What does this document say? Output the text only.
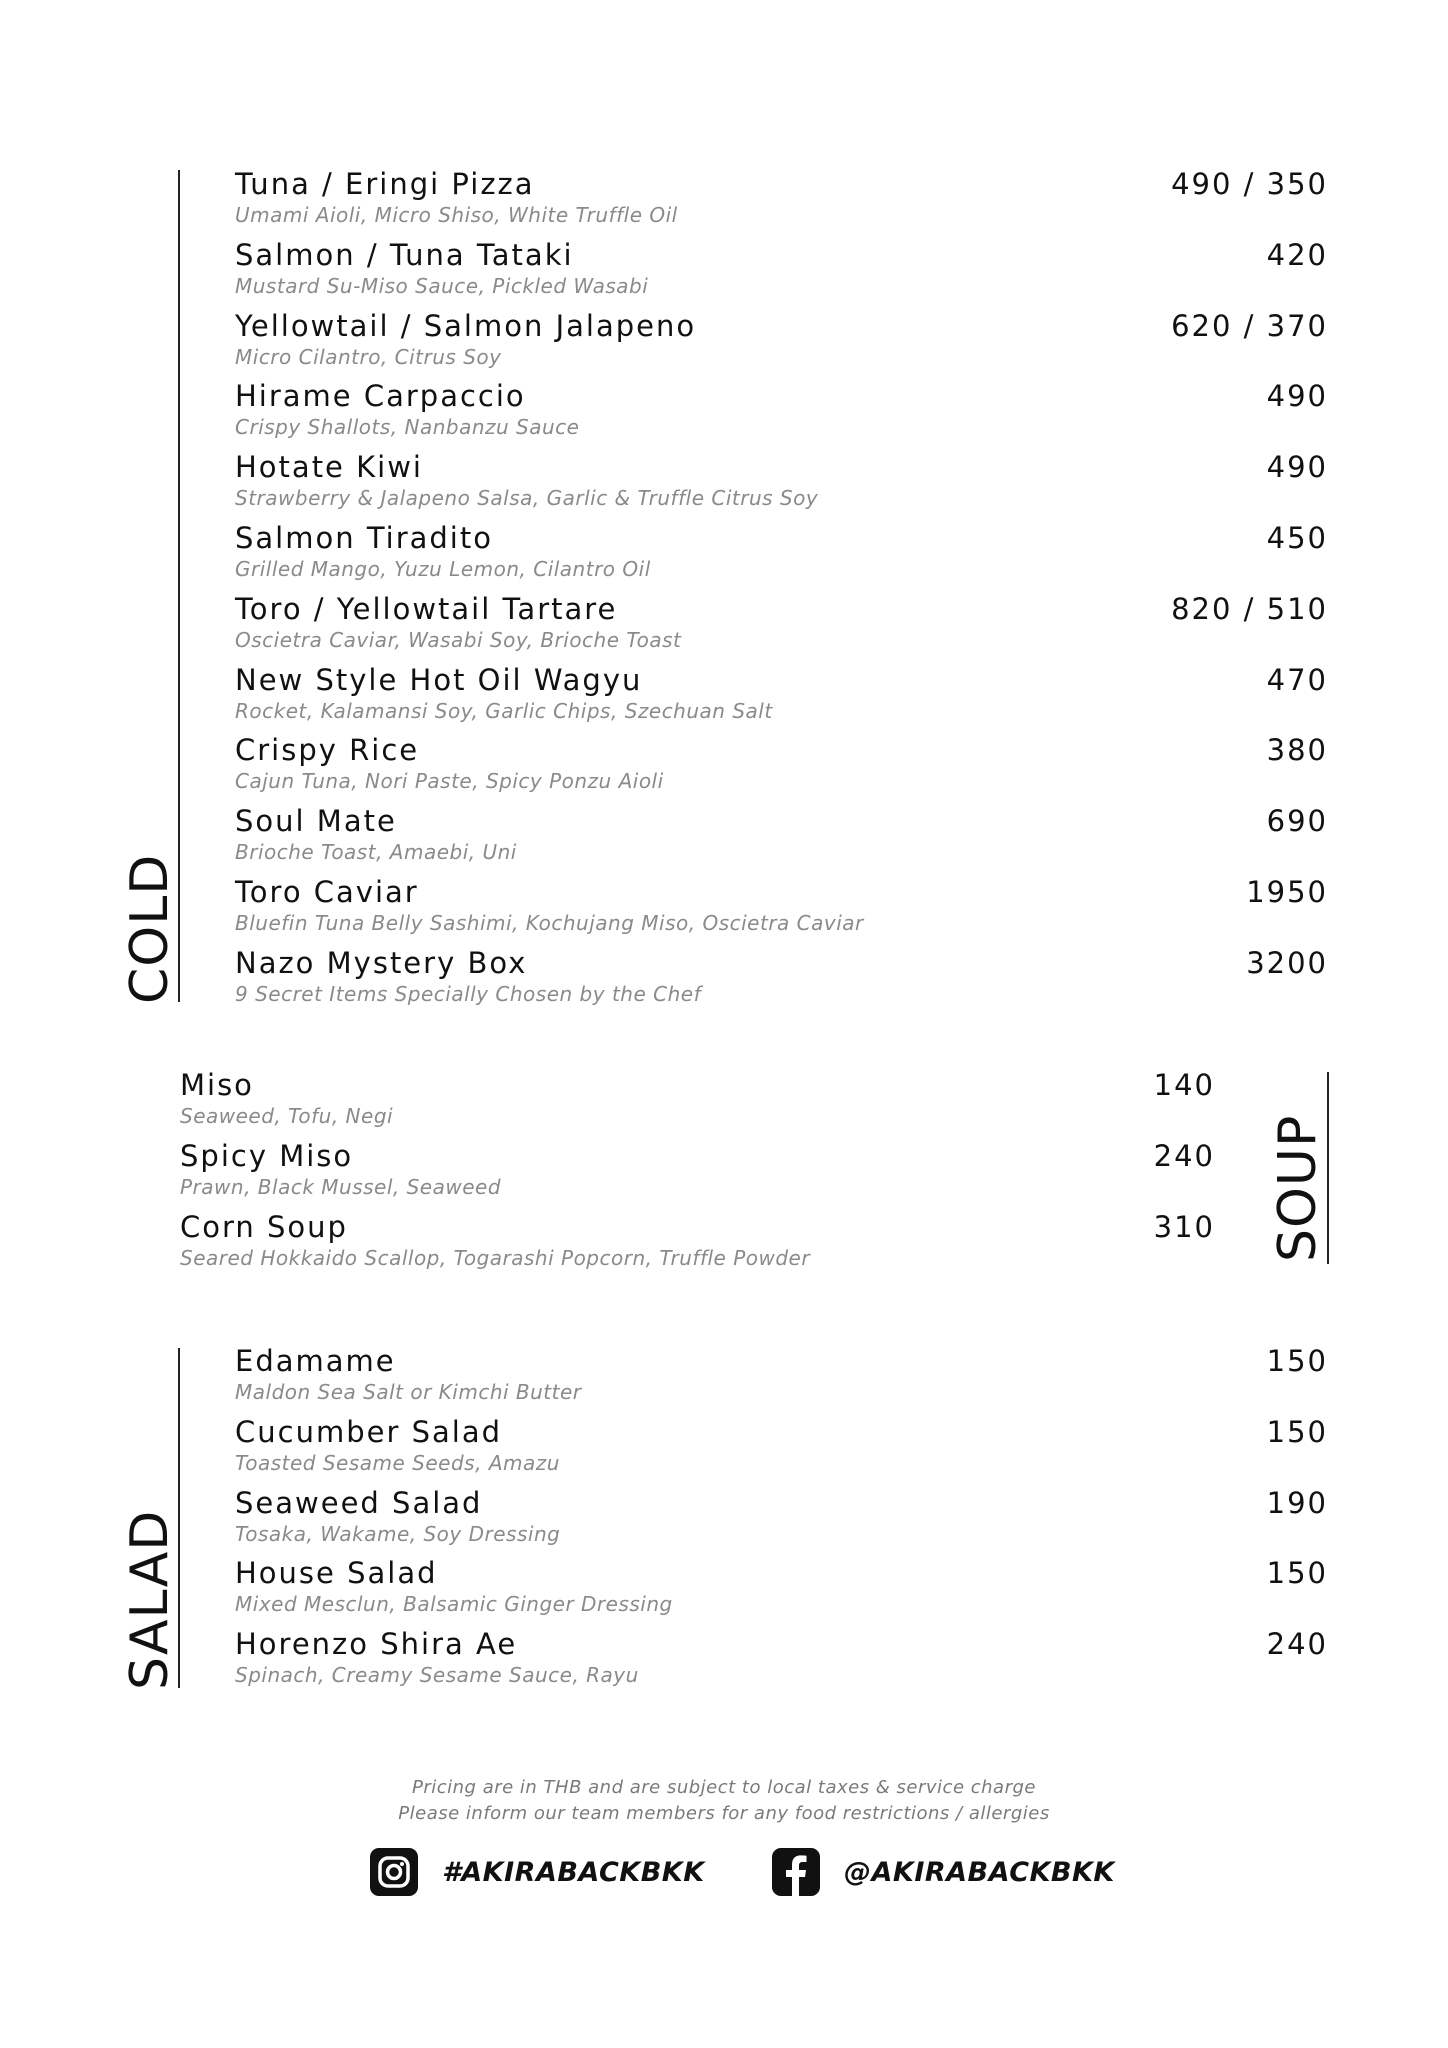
COLD
Tuna / Eringi Pizza
Umami Aioli, Micro Shiso, White Truffle Oil
490 / 350
Salmon / Tuna Tataki
Mustard Su-Miso Sauce, Pickled Wasabi
420
Yellowtail / Salmon Jalapeno
Micro Cilantro, Citrus Soy
620 / 370
Hirame Carpaccio
Crispy Shallots, Nanbanzu Sauce
490
Hotate Kiwi
Strawberry & Jalapeno Salsa, Garlic & Truffle Citrus Soy
490
Salmon Tiradito
Grilled Mango, Yuzu Lemon, Cilantro Oil
450
Toro / Yellowtail Tartare
Oscietra Caviar, Wasabi Soy, Brioche Toast
820 / 510
New Style Hot Oil Wagyu
Rocket, Kalamansi Soy, Garlic Chips, Szechuan Salt
470
Crispy Rice
Cajun Tuna, Nori Paste, Spicy Ponzu Aioli
380
Soul Mate
Brioche Toast, Amaebi, Uni
690
Toro Caviar
Bluefin Tuna Belly Sashimi, Kochujang Miso, Oscietra Caviar
1950
Nazo Mystery Box
9 Secret Items Specially Chosen by the Chef
3200
SOUP
Miso
Seaweed, Tofu, Negi
140
Spicy Miso
Prawn, Black Mussel, Seaweed
240
Corn Soup
Seared Hokkaido Scallop, Togarashi Popcorn, Truffle Powder
310
SALAD
Edamame
Maldon Sea Salt or Kimchi Butter
150
Cucumber Salad
Toasted Sesame Seeds, Amazu
150
Seaweed Salad
Tosaka, Wakame, Soy Dressing
190
House Salad
Mixed Mesclun, Balsamic Ginger Dressing
150
Horenzo Shira Ae
Spinach, Creamy Sesame Sauce, Rayu
240
Pricing are in THB and are subject to local taxes & service charge
Please inform our team members for any food restrictions / allergies
#AKIRABACKBKK	@AKIRABACKBKK
